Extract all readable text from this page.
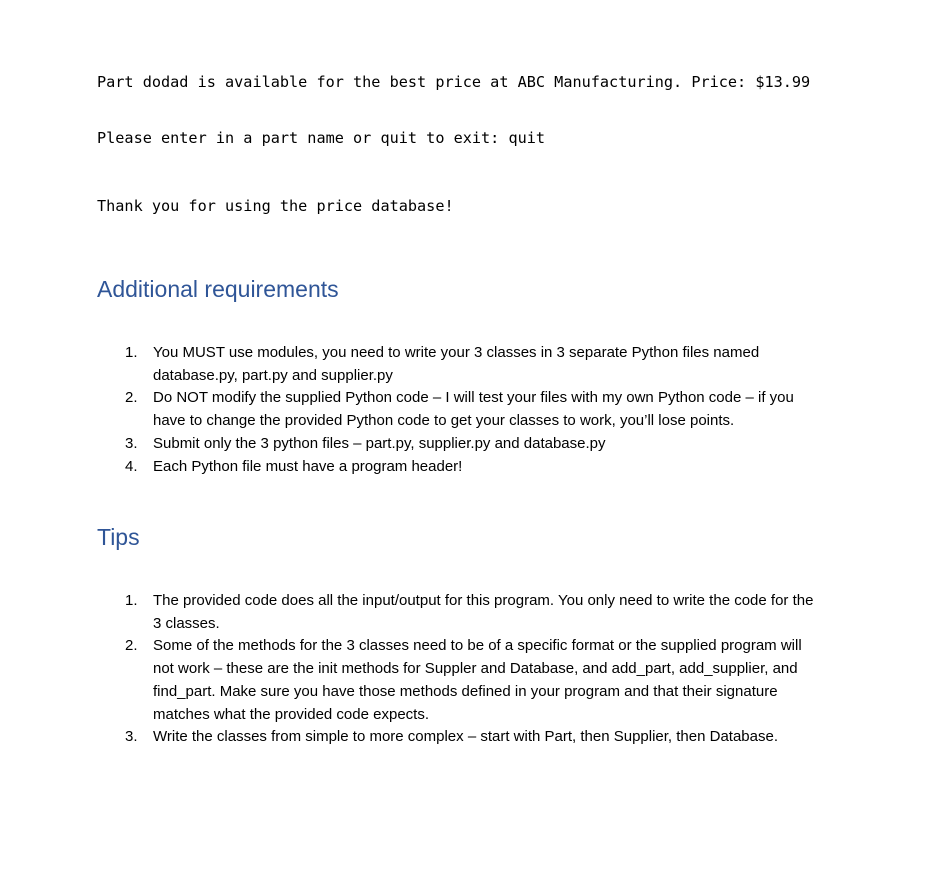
Part dodad is available for the best price at ABC Manufacturing. Price: $13.99

Please enter in a part name or quit to exit: quit

Thank you for using the price database!

Additional requirements
1. You MUST use modules, you need to write your 3 classes in 3 separate Python files named database.py, part.py and supplier.py
2. Do NOT modify the supplied Python code – I will test your files with my own Python code – if you have to change the provided Python code to get your classes to work, you’ll lose points.
3. Submit only the 3 python files – part.py, supplier.py and database.py
4. Each Python file must have a program header!
Tips
1. The provided code does all the input/output for this program. You only need to write the code for the 3 classes.
2. Some of the methods for the 3 classes need to be of a specific format or the supplied program will not work – these are the init methods for Suppler and Database, and add_part, add_supplier, and find_part. Make sure you have those methods defined in your program and that their signature matches what the provided code expects.
3. Write the classes from simple to more complex – start with Part, then Supplier, then Database.
